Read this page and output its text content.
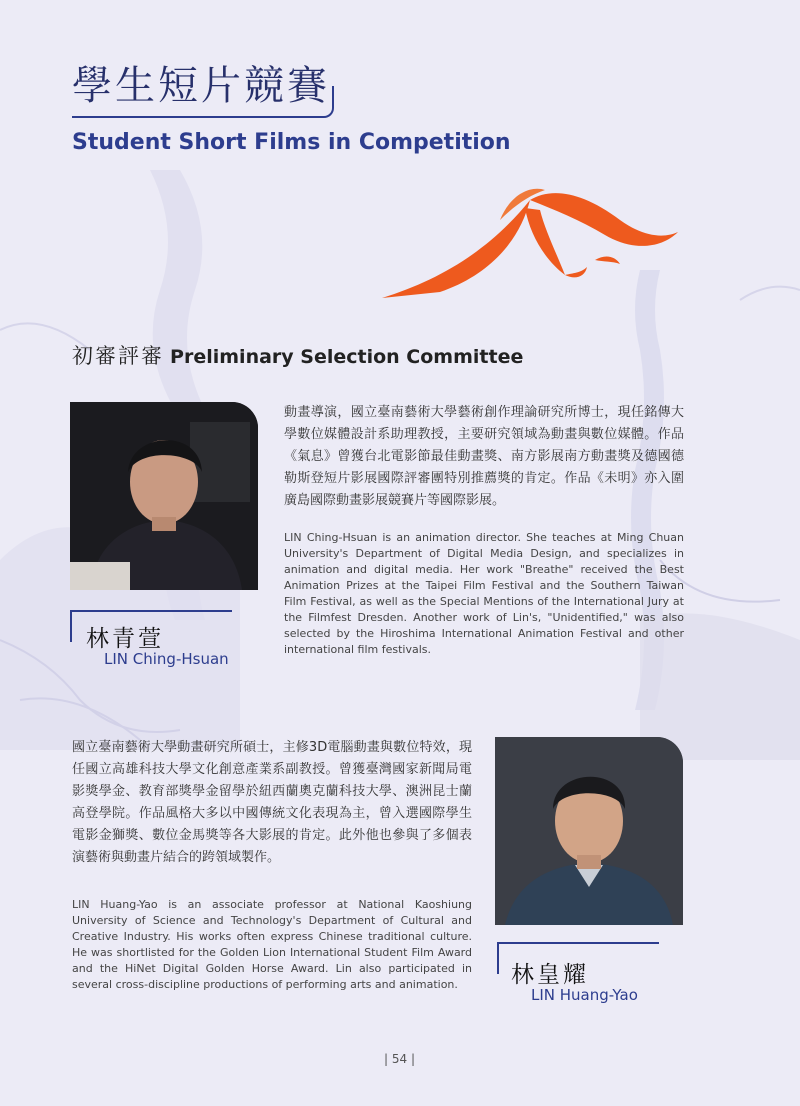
學生短片競賽
Student Short Films in Competition
初審評審 Preliminary Selection Committee
林青萱
LIN Ching-Hsuan
動畫導演，國立臺南藝術大學藝術創作理論研究所博士，現任銘傳大學數位媒體設計系助理教授，主要研究領域為動畫與數位媒體。作品《氣息》曾獲台北電影節最佳動畫獎、南方影展南方動畫獎及德國德勒斯登短片影展國際評審團特別推薦獎的肯定。作品《未明》亦入圍廣島國際動畫影展競賽片等國際影展。
LIN Ching-Hsuan is an animation director. She teaches at Ming Chuan University's Department of Digital Media Design, and specializes in animation and digital media. Her work "Breathe" received the Best Animation Prizes at the Taipei Film Festival and the Southern Taiwan Film Festival, as well as the Special Mentions of the International Jury at the Filmfest Dresden. Another work of Lin's, "Unidentified," was also selected by the Hiroshima International Animation Festival and other international film festivals.
國立臺南藝術大學動畫研究所碩士，主修3D電腦動畫與數位特效，現任國立高雄科技大學文化創意產業系副教授。曾獲臺灣國家新聞局電影獎學金、教育部獎學金留學於紐西蘭奧克蘭科技大學、澳洲昆士蘭高登學院。作品風格大多以中國傳統文化表現為主，曾入選國際學生電影金獅獎、數位金馬獎等各大影展的肯定。此外他也參與了多個表演藝術與動畫片結合的跨領域製作。
LIN Huang-Yao is an associate professor at National Kaoshiung University of Science and Technology's Department of Cultural and Creative Industry. His works often express Chinese traditional culture. He was shortlisted for the Golden Lion International Student Film Award and the HiNet Digital Golden Horse Award. Lin also participated in several cross-discipline productions of performing arts and animation.	林皇耀
LIN Huang-Yao
| 54 |
